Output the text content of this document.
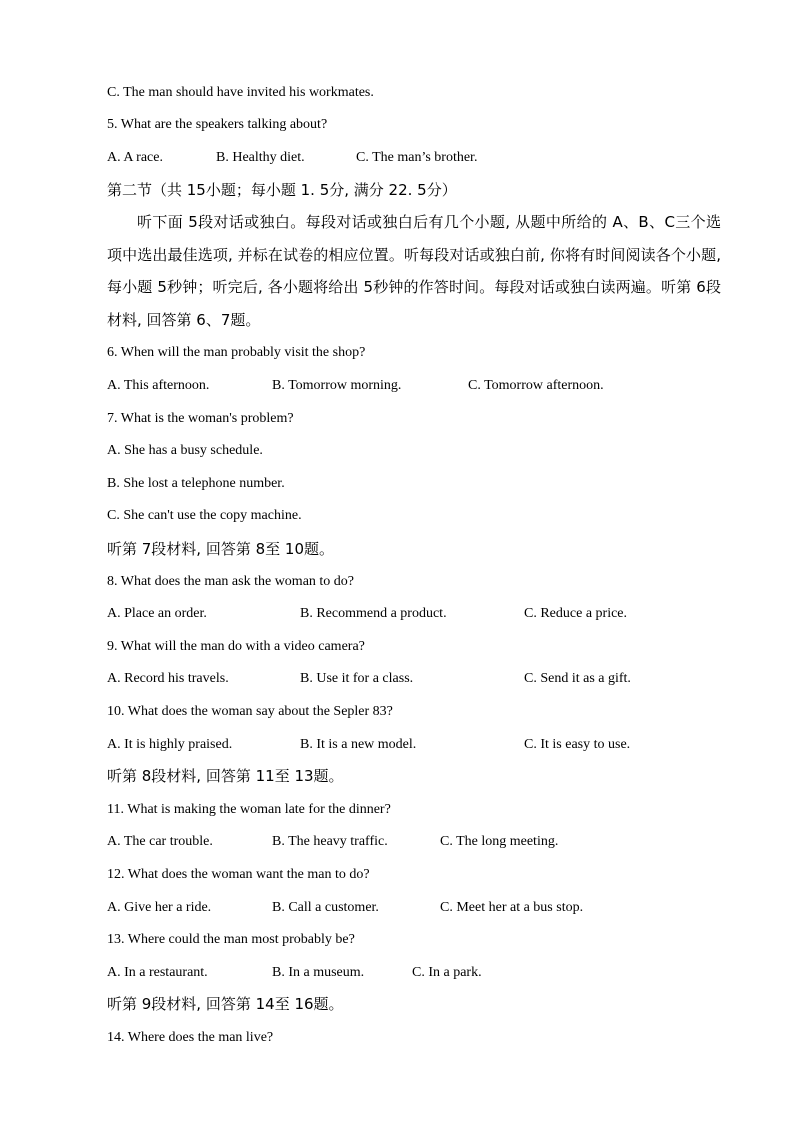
C. The man should have invited his workmates.
5. What are the speakers talking about?
A. A race.	B. Healthy diet.	C. The man’s brother.
第二节（共 15小题；每小题 1. 5分, 满分 22. 5分）
听下面 5段对话或独白。每段对话或独白后有几个小题, 从题中所给的 A、B、C三个选项中选出最佳选项, 并标在试卷的相应位置。听每段对话或独白前, 你将有时间阅读各个小题, 每小题 5秒钟；听完后, 各小题将给出 5秒钟的作答时间。每段对话或独白读两遍。听第 6段材料, 回答第 6、7题。
6. When will the man probably visit the shop?
A. This afternoon.	B. Tomorrow morning.	C. Tomorrow afternoon.
7. What is the woman's problem?
A. She has a busy schedule.
B. She lost a telephone number.
C. She can't use the copy machine.
听第 7段材料, 回答第 8至 10题。
8. What does the man ask the woman to do?
A. Place an order.	B. Recommend a product.	C. Reduce a price.
9. What will the man do with a video camera?
A. Record his travels.	B. Use it for a class.	C. Send it as a gift.
10. What does the woman say about the Sepler 83?
A. It is highly praised.	B. It is a new model.	C. It is easy to use.
听第 8段材料, 回答第 11至 13题。
11. What is making the woman late for the dinner?
A. The car trouble.	B. The heavy traffic.	C. The long meeting.
12. What does the woman want the man to do?
A. Give her a ride.	B. Call a customer.	C. Meet her at a bus stop.
13. Where could the man most probably be?
A. In a restaurant.	B. In a museum.	C. In a park.
听第 9段材料, 回答第 14至 16题。
14. Where does the man live?
